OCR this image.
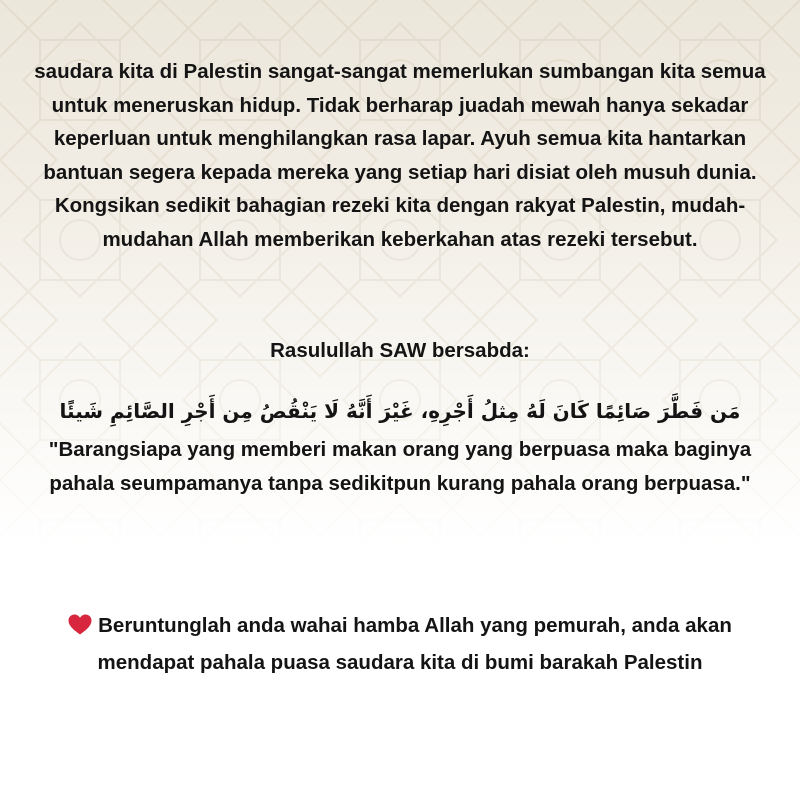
saudara kita di Palestin sangat-sangat memerlukan sumbangan kita semua untuk meneruskan hidup. Tidak berharap juadah mewah hanya sekadar keperluan untuk menghilangkan rasa lapar. Ayuh semua kita hantarkan bantuan segera kepada mereka yang setiap hari disiat oleh musuh dunia. Kongsikan sedikit bahagian rezeki kita dengan rakyat Palestin, mudah-mudahan Allah memberikan keberkahan atas rezeki tersebut.

Rasulullah SAW bersabda:

مَن فَطَّرَ صَائِمًا كَانَ لَهُ مِثلُ أَجْرِهِ، غَيْرَ أَنَّهُ لَا يَنْقُصُ مِن أَجْرِ الصَّائِمِ شَيئًا

"Barangsiapa yang memberi makan orang yang berpuasa maka baginya pahala seumpamanya tanpa sedikitpun kurang pahala orang berpuasa."

Beruntunglah anda wahai hamba Allah yang pemurah, anda akan mendapat pahala puasa saudara kita di bumi barakah Palestin
